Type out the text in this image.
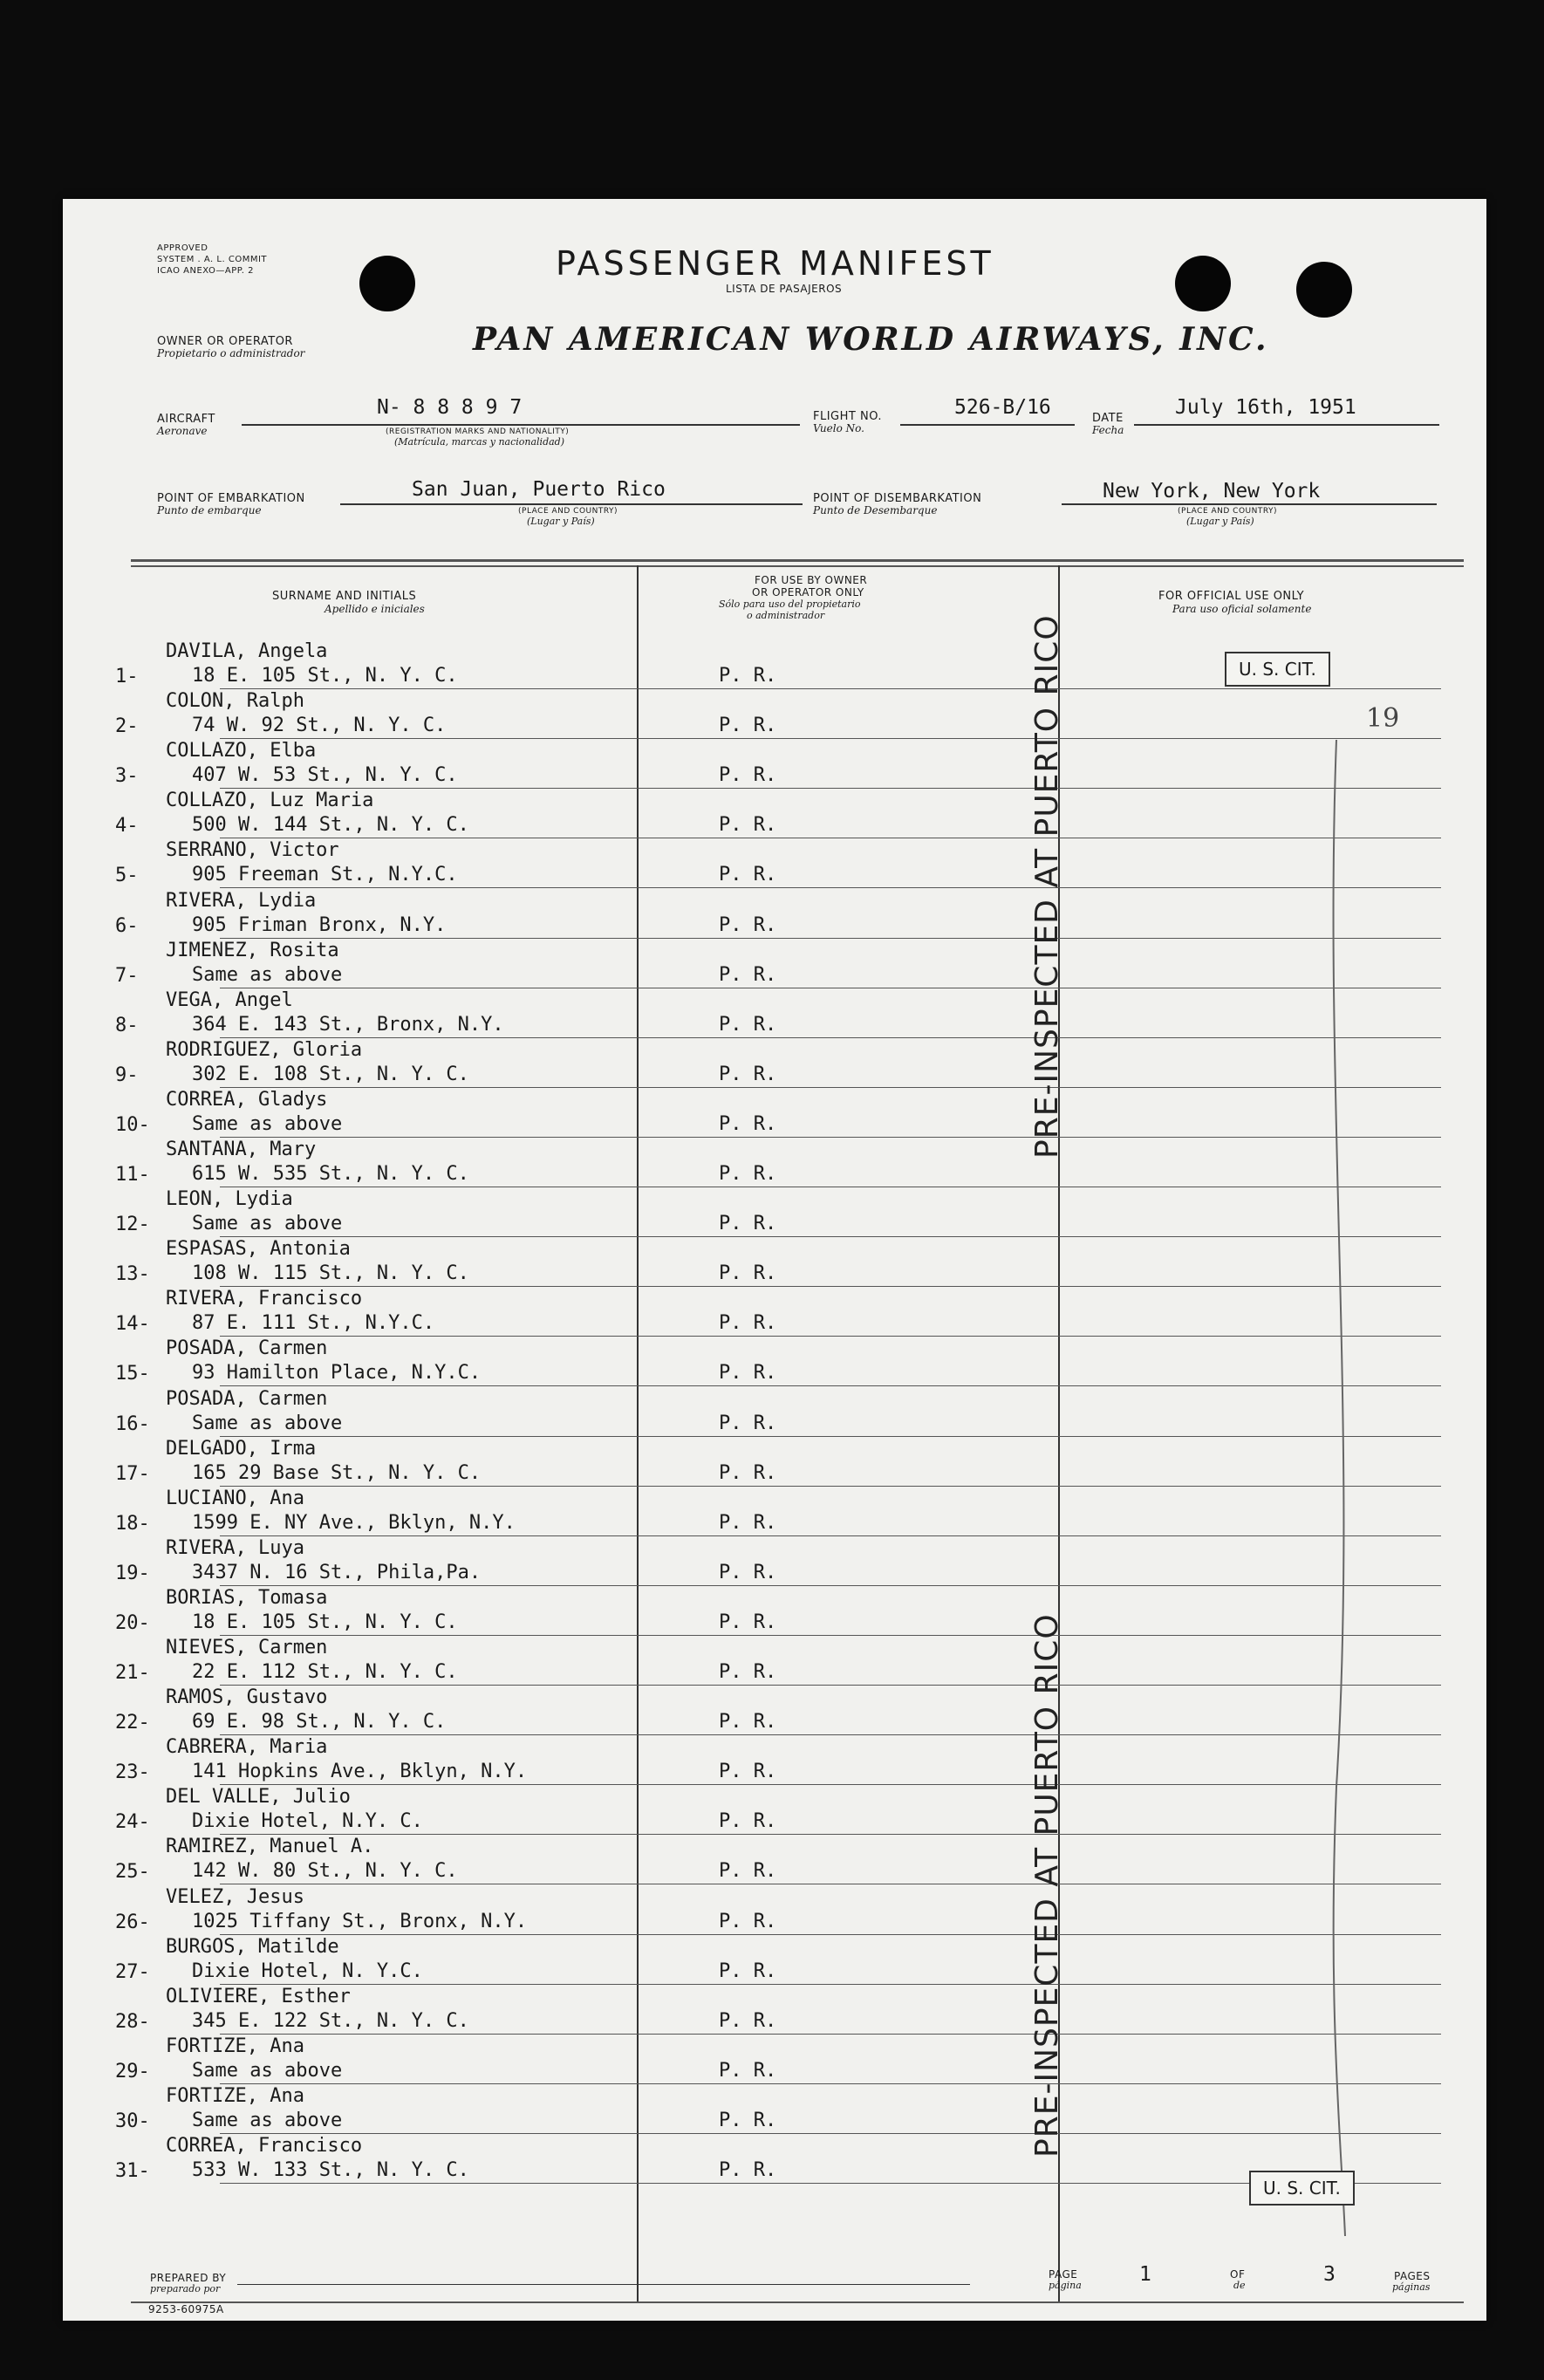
APPROVED
SYSTEM . A. L. COMMIT
ICAO ANEXO—APP. 2	PASSENGER MANIFEST
LISTA DE PASAJEROS
OWNER OR OPERATOR
Propietario o administrador	PAN AMERICAN WORLD AIRWAYS, INC.
AIRCRAFT
Aeronave
N- 8 8 8 9 7
(REGISTRATION MARKS AND NATIONALITY)
(Matrícula, marcas y nacionalidad)
FLIGHT NO.
Vuelo No.
526-B/16	DATE
Fecha
July 16th, 1951
POINT OF EMBARKATION
Punto de embarque
San Juan, Puerto Rico
(PLACE AND COUNTRY)
(Lugar y País)
POINT OF DISEMBARKATION
Punto de Desembarque
New York, New York
(PLACE AND COUNTRY)
(Lugar y País)
SURNAME AND INITIALS
Apellido e iniciales
FOR USE BY OWNER
OR OPERATOR ONLY
Sólo para uso del propietario
o administrador
FOR OFFICIAL USE ONLY
Para uso oficial solamente
1-
DAVILA, Angela
18 E. 105 St., N. Y. C.	P. R.
2-
COLON, Ralph
74 W. 92 St., N. Y. C.	P. R.
3-
COLLAZO, Elba
407 W. 53 St., N. Y. C.	P. R.
4-
COLLAZO, Luz Maria
500 W. 144 St., N. Y. C.	P. R.
5-
SERRANO, Victor
905 Freeman St., N.Y.C.	P. R.
6-
RIVERA, Lydia
905 Friman Bronx, N.Y.	P. R.
7-
JIMENEZ, Rosita
Same as above	P. R.
8-
VEGA, Angel
364 E. 143 St., Bronx, N.Y.	P. R.
9-
RODRIGUEZ, Gloria
302 E. 108 St., N. Y. C.	P. R.
10-
CORREA, Gladys
Same as above	P. R.
11-
SANTANA, Mary
615 W. 535 St., N. Y. C.	P. R.
12-
LEON, Lydia
Same as above	P. R.
13-
ESPASAS, Antonia
108 W. 115 St., N. Y. C.	P. R.
14-
RIVERA, Francisco
87 E. 111 St., N.Y.C.	P. R.
15-
POSADA, Carmen
93 Hamilton Place, N.Y.C.	P. R.
16-
POSADA, Carmen
Same as above	P. R.
17-
DELGADO, Irma
165 29 Base St., N. Y. C.	P. R.
18-
LUCIANO, Ana
1599 E. NY Ave., Bklyn, N.Y.	P. R.
19-
RIVERA, Luya
3437 N. 16 St., Phila,Pa.	P. R.
20-
BORIAS, Tomasa
18 E. 105 St., N. Y. C.	P. R.
21-
NIEVES, Carmen
22 E. 112 St., N. Y. C.	P. R.
22-
RAMOS, Gustavo
69 E. 98 St., N. Y. C.	P. R.
23-
CABRERA, Maria
141 Hopkins Ave., Bklyn, N.Y.	P. R.
24-
DEL VALLE, Julio
Dixie Hotel, N.Y. C.	P. R.
25-
RAMIREZ, Manuel A.
142 W. 80 St., N. Y. C.	P. R.
26-
VELEZ, Jesus
1025 Tiffany St., Bronx, N.Y.	P. R.
27-
BURGOS, Matilde
Dixie Hotel, N. Y.C.	P. R.
28-
OLIVIERE, Esther
345 E. 122 St., N. Y. C.	P. R.
29-
FORTIZE, Ana
Same as above	P. R.
30-
FORTIZE, Ana
Same as above	P. R.
31-
CORREA, Francisco
533 W. 133 St., N. Y. C.	P. R.
PRE-INSPECTED AT PUERTO RICO
PRE-INSPECTED AT PUERTO RICO
U. S. CIT.
19
U. S. CIT.
PREPARED BY
preparado por
PAGE
página	1	OF
de	3	PAGES
páginas
9253-60975A
